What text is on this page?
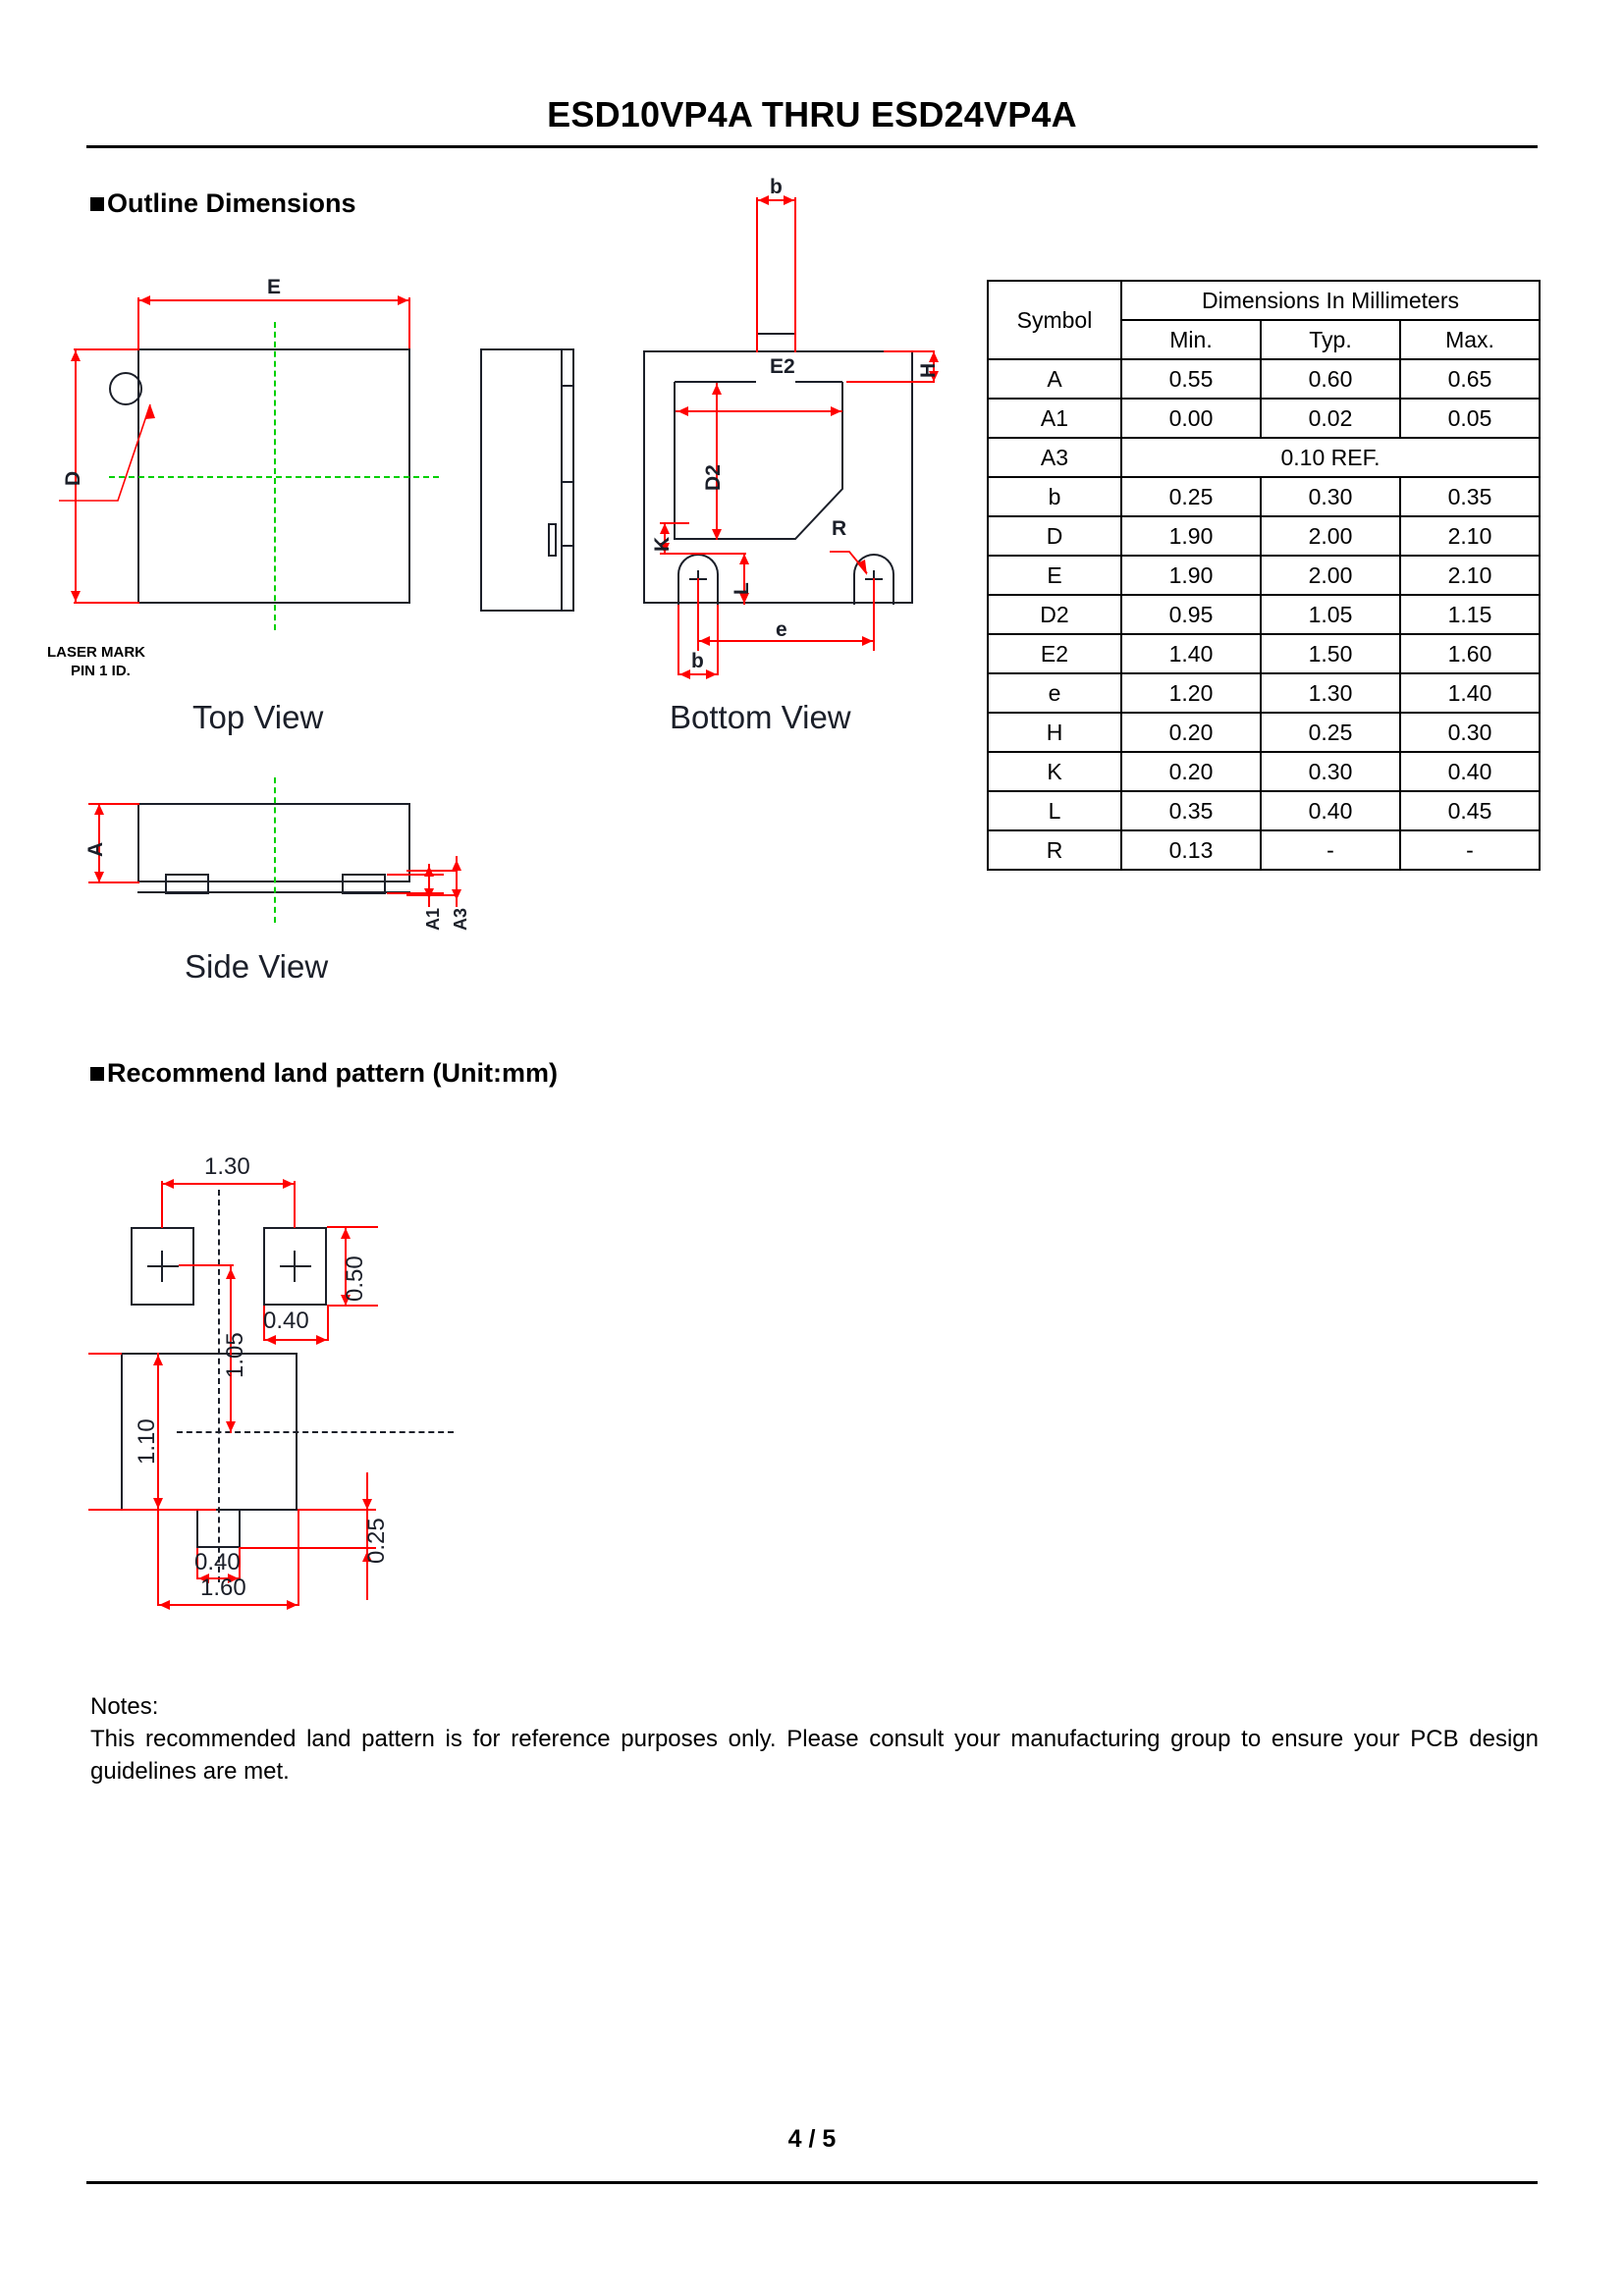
ESD10VP4A THRU ESD24VP4A
Outline Dimensions
E
D
LASER MARK
PIN 1 ID.
Top View
b
H
E2
D2
K
L
R
e
b
Bottom View
A
A1 A3
Side View
Symbol	Dimensions In Millimeters		
	Min.	Typ.	Max.
A	0.55	0.60	0.65
A1	0.00	0.02	0.05
A3	0.10 REF.		
b	0.25	0.30	0.35
D	1.90	2.00	2.10
E	1.90	2.00	2.10
D2	0.95	1.05	1.15
E2	1.40	1.50	1.60
e	1.20	1.30	1.40
H	0.20	0.25	0.30
K	0.20	0.30	0.40
L	0.35	0.40	0.45
R	0.13	-	-
Recommend land pattern (Unit:mm)
1.30
0.50
0.40
1.05
1.10
0.40
1.60
0.25
Notes:
This recommended land pattern is for reference purposes only. Please consult your manufacturing group to ensure your PCB design guidelines are met.
4 / 5
